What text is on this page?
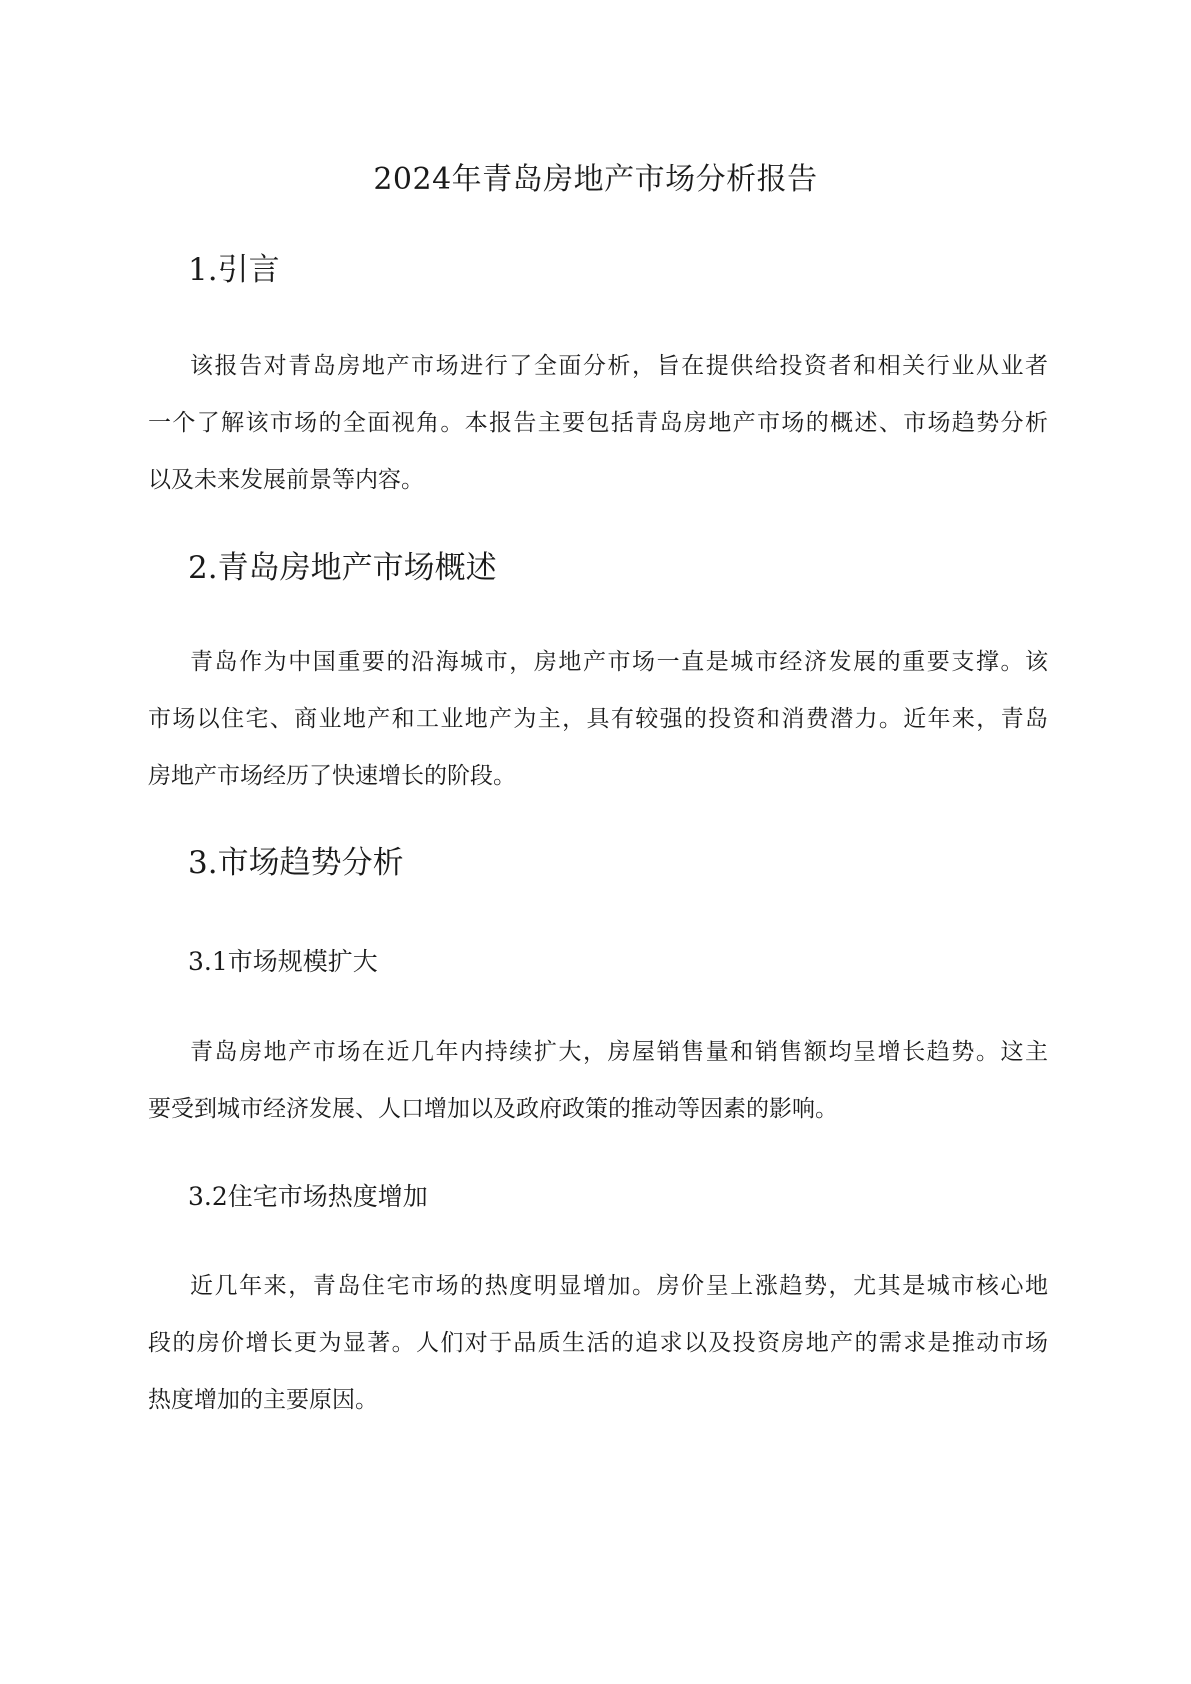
2024年青岛房地产市场分析报告
1.引言

该报告对青岛房地产市场进行了全面分析，旨在提供给投资者和相关行业从业者
一个了解该市场的全面视角。本报告主要包括青岛房地产市场的概述、市场趋势分析
以及未来发展前景等内容。

2.青岛房地产市场概述

青岛作为中国重要的沿海城市，房地产市场一直是城市经济发展的重要支撑。该
市场以住宅、商业地产和工业地产为主，具有较强的投资和消费潜力。近年来，青岛
房地产市场经历了快速增长的阶段。

3.市场趋势分析
3.1市场规模扩大

青岛房地产市场在近几年内持续扩大，房屋销售量和销售额均呈增长趋势。这主
要受到城市经济发展、人口增加以及政府政策的推动等因素的影响。

3.2住宅市场热度增加

近几年来，青岛住宅市场的热度明显增加。房价呈上涨趋势，尤其是城市核心地
段的房价增长更为显著。人们对于品质生活的追求以及投资房地产的需求是推动市场
热度增加的主要原因。
